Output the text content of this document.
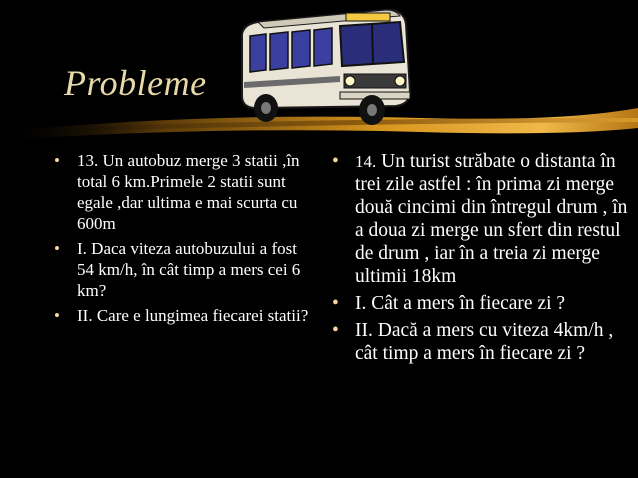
Probleme
• 13. Un autobuz merge 3 statii ,în total 6 km.Primele 2 statii sunt egale ,dar ultima e mai scurta cu 600m
• I. Daca viteza autobuzului a fost 54 km/h, în cât timp a mers cei 6 km?
• II. Care e lungimea fiecarei statii?
• 14. Un turist străbate o distanta în trei zile astfel : în prima zi merge două cincimi din întregul drum , în a doua zi merge un sfert din restul de drum , iar în a treia zi merge ultimii 18km
• I. Cât a mers în fiecare zi ?
• II. Dacă a mers cu viteza 4km/h , cât timp a mers în fiecare zi ?
